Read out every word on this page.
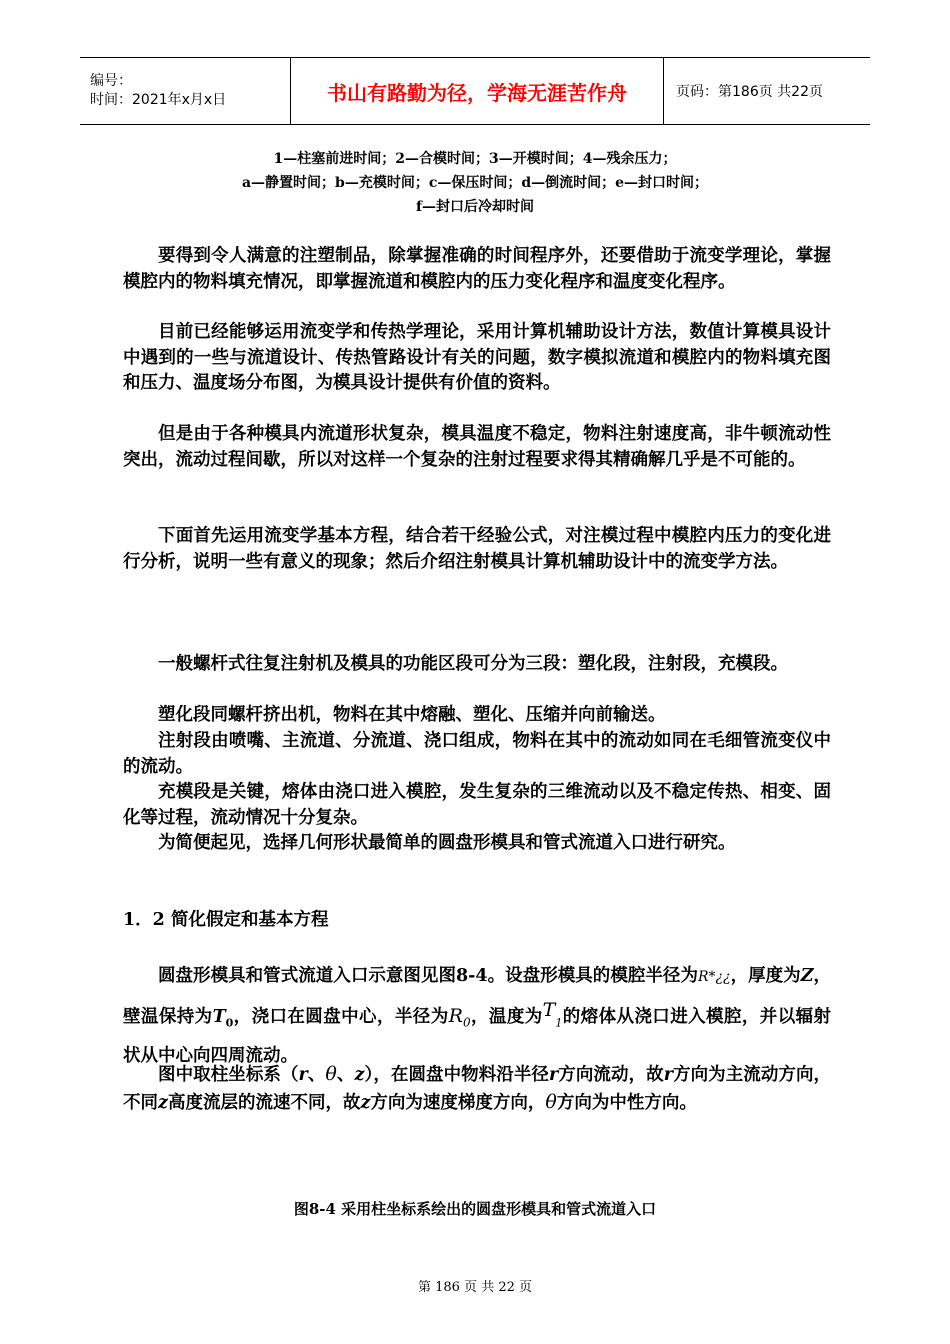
编号：
时间：2021年x月x日	书山有路勤为径，学海无涯苦作舟	页码：第186页 共22页
1—柱塞前进时间；2—合模时间；3—开模时间；4—残余压力；
a—静置时间；b—充模时间；c—保压时间；d—倒流时间；e—封口时间；
f—封口后冷却时间
要得到令人满意的注塑制品，除掌握准确的时间程序外，还要借助于流变学理论，掌握模腔内的物料填充情况，即掌握流道和模腔内的压力变化程序和温度变化程序。
目前已经能够运用流变学和传热学理论，采用计算机辅助设计方法，数值计算模具设计中遇到的一些与流道设计、传热管路设计有关的问题，数字模拟流道和模腔内的物料填充图和压力、温度场分布图，为模具设计提供有价值的资料。
但是由于各种模具内流道形状复杂，模具温度不稳定，物料注射速度高，非牛顿流动性突出，流动过程间歇，所以对这样一个复杂的注射过程要求得其精确解几乎是不可能的。
下面首先运用流变学基本方程，结合若干经验公式，对注模过程中模腔内压力的变化进行分析，说明一些有意义的现象；然后介绍注射模具计算机辅助设计中的流变学方法。
一般螺杆式往复注射机及模具的功能区段可分为三段：塑化段，注射段，充模段。
塑化段同螺杆挤出机，物料在其中熔融、塑化、压缩并向前输送。
注射段由喷嘴、主流道、分流道、浇口组成，物料在其中的流动如同在毛细管流变仪中的流动。
充模段是关键，熔体由浇口进入模腔，发生复杂的三维流动以及不稳定传热、相变、固化等过程，流动情况十分复杂。
为简便起见，选择几何形状最简单的圆盘形模具和管式流道入口进行研究。
1．2 简化假定和基本方程
圆盘形模具和管式流道入口示意图见图8-4。设盘形模具的模腔半径为R*¿¿，厚度为Z，壁温保持为$T_0$，浇口在圆盘中心，半径为$R_0$，温度为$T_1$的熔体从浇口进入模腔，并以辐射状从中心向四周流动。
图中取柱坐标系（r、θ、z），在圆盘中物料沿半径r方向流动，故r方向为主流动方向，不同z高度流层的流速不同，故z方向为速度梯度方向，θ方向为中性方向。
图8-4 采用柱坐标系绘出的圆盘形模具和管式流道入口
第 186 页 共 22 页
